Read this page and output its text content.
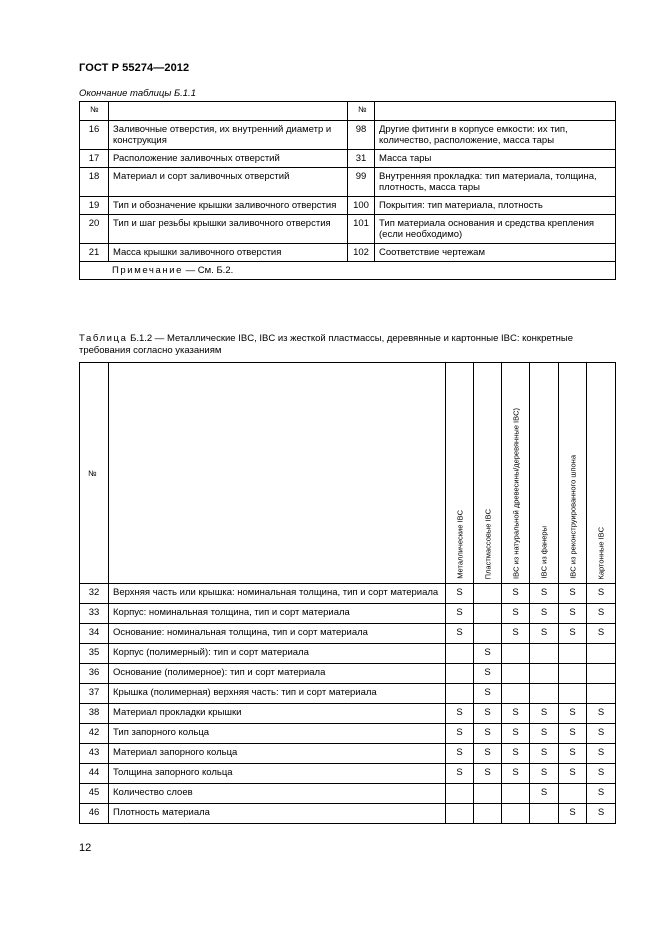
ГОСТ Р 55274—2012
Окончание таблицы Б.1.1
№		№	
16	Заливочные отверстия, их внутренний диаметр и конструкция	98	Другие фитинги в корпусе емкости: их тип, количество, расположение, масса тары
17	Расположение заливочных отверстий	31	Масса тары
18	Материал и сорт заливочных отверстий	99	Внутренняя прокладка: тип материала, толщина, плотность, масса тары
19	Тип и обозначение крышки заливочного отверстия	100	Покрытия: тип материала, плотность
20	Тип и шаг резьбы крышки заливочного отверстия	101	Тип материала основания и средства крепления (если необходимо)
21	Масса крышки заливочного отверстия	102	Соответствие чертежам
Примечание — См. Б.2.			
Таблица Б.1.2 — Металлические IBC, IBC из жесткой пластмассы, деревянные и картонные IBC: конкретные требования согласно указаниям
№		Металлические IBC	Пластмассовые IBC	IBC из натуральной древесины/деревянные IBC)	IBC из фанеры	IBC из реконструированного шпона	Картонные IBC

32	Верхняя часть или крышка: номинальная толщина, тип и сорт материала	S		S	S	S	S
33	Корпус: номинальная толщина, тип и сорт материала	S		S	S	S	S
34	Основание: номинальная толщина, тип и сорт материала	S		S	S	S	S
35	Корпус (полимерный): тип и сорт материала		S				
36	Основание (полимерное): тип и сорт материала		S				
37	Крышка (полимерная) верхняя часть: тип и сорт материала		S				
38	Материал прокладки крышки	S	S	S	S	S	S
42	Тип запорного кольца	S	S	S	S	S	S
43	Материал запорного кольца	S	S	S	S	S	S
44	Толщина запорного кольца	S	S	S	S	S	S
45	Количество слоев				S		S
46	Плотность материала					S	S
12
